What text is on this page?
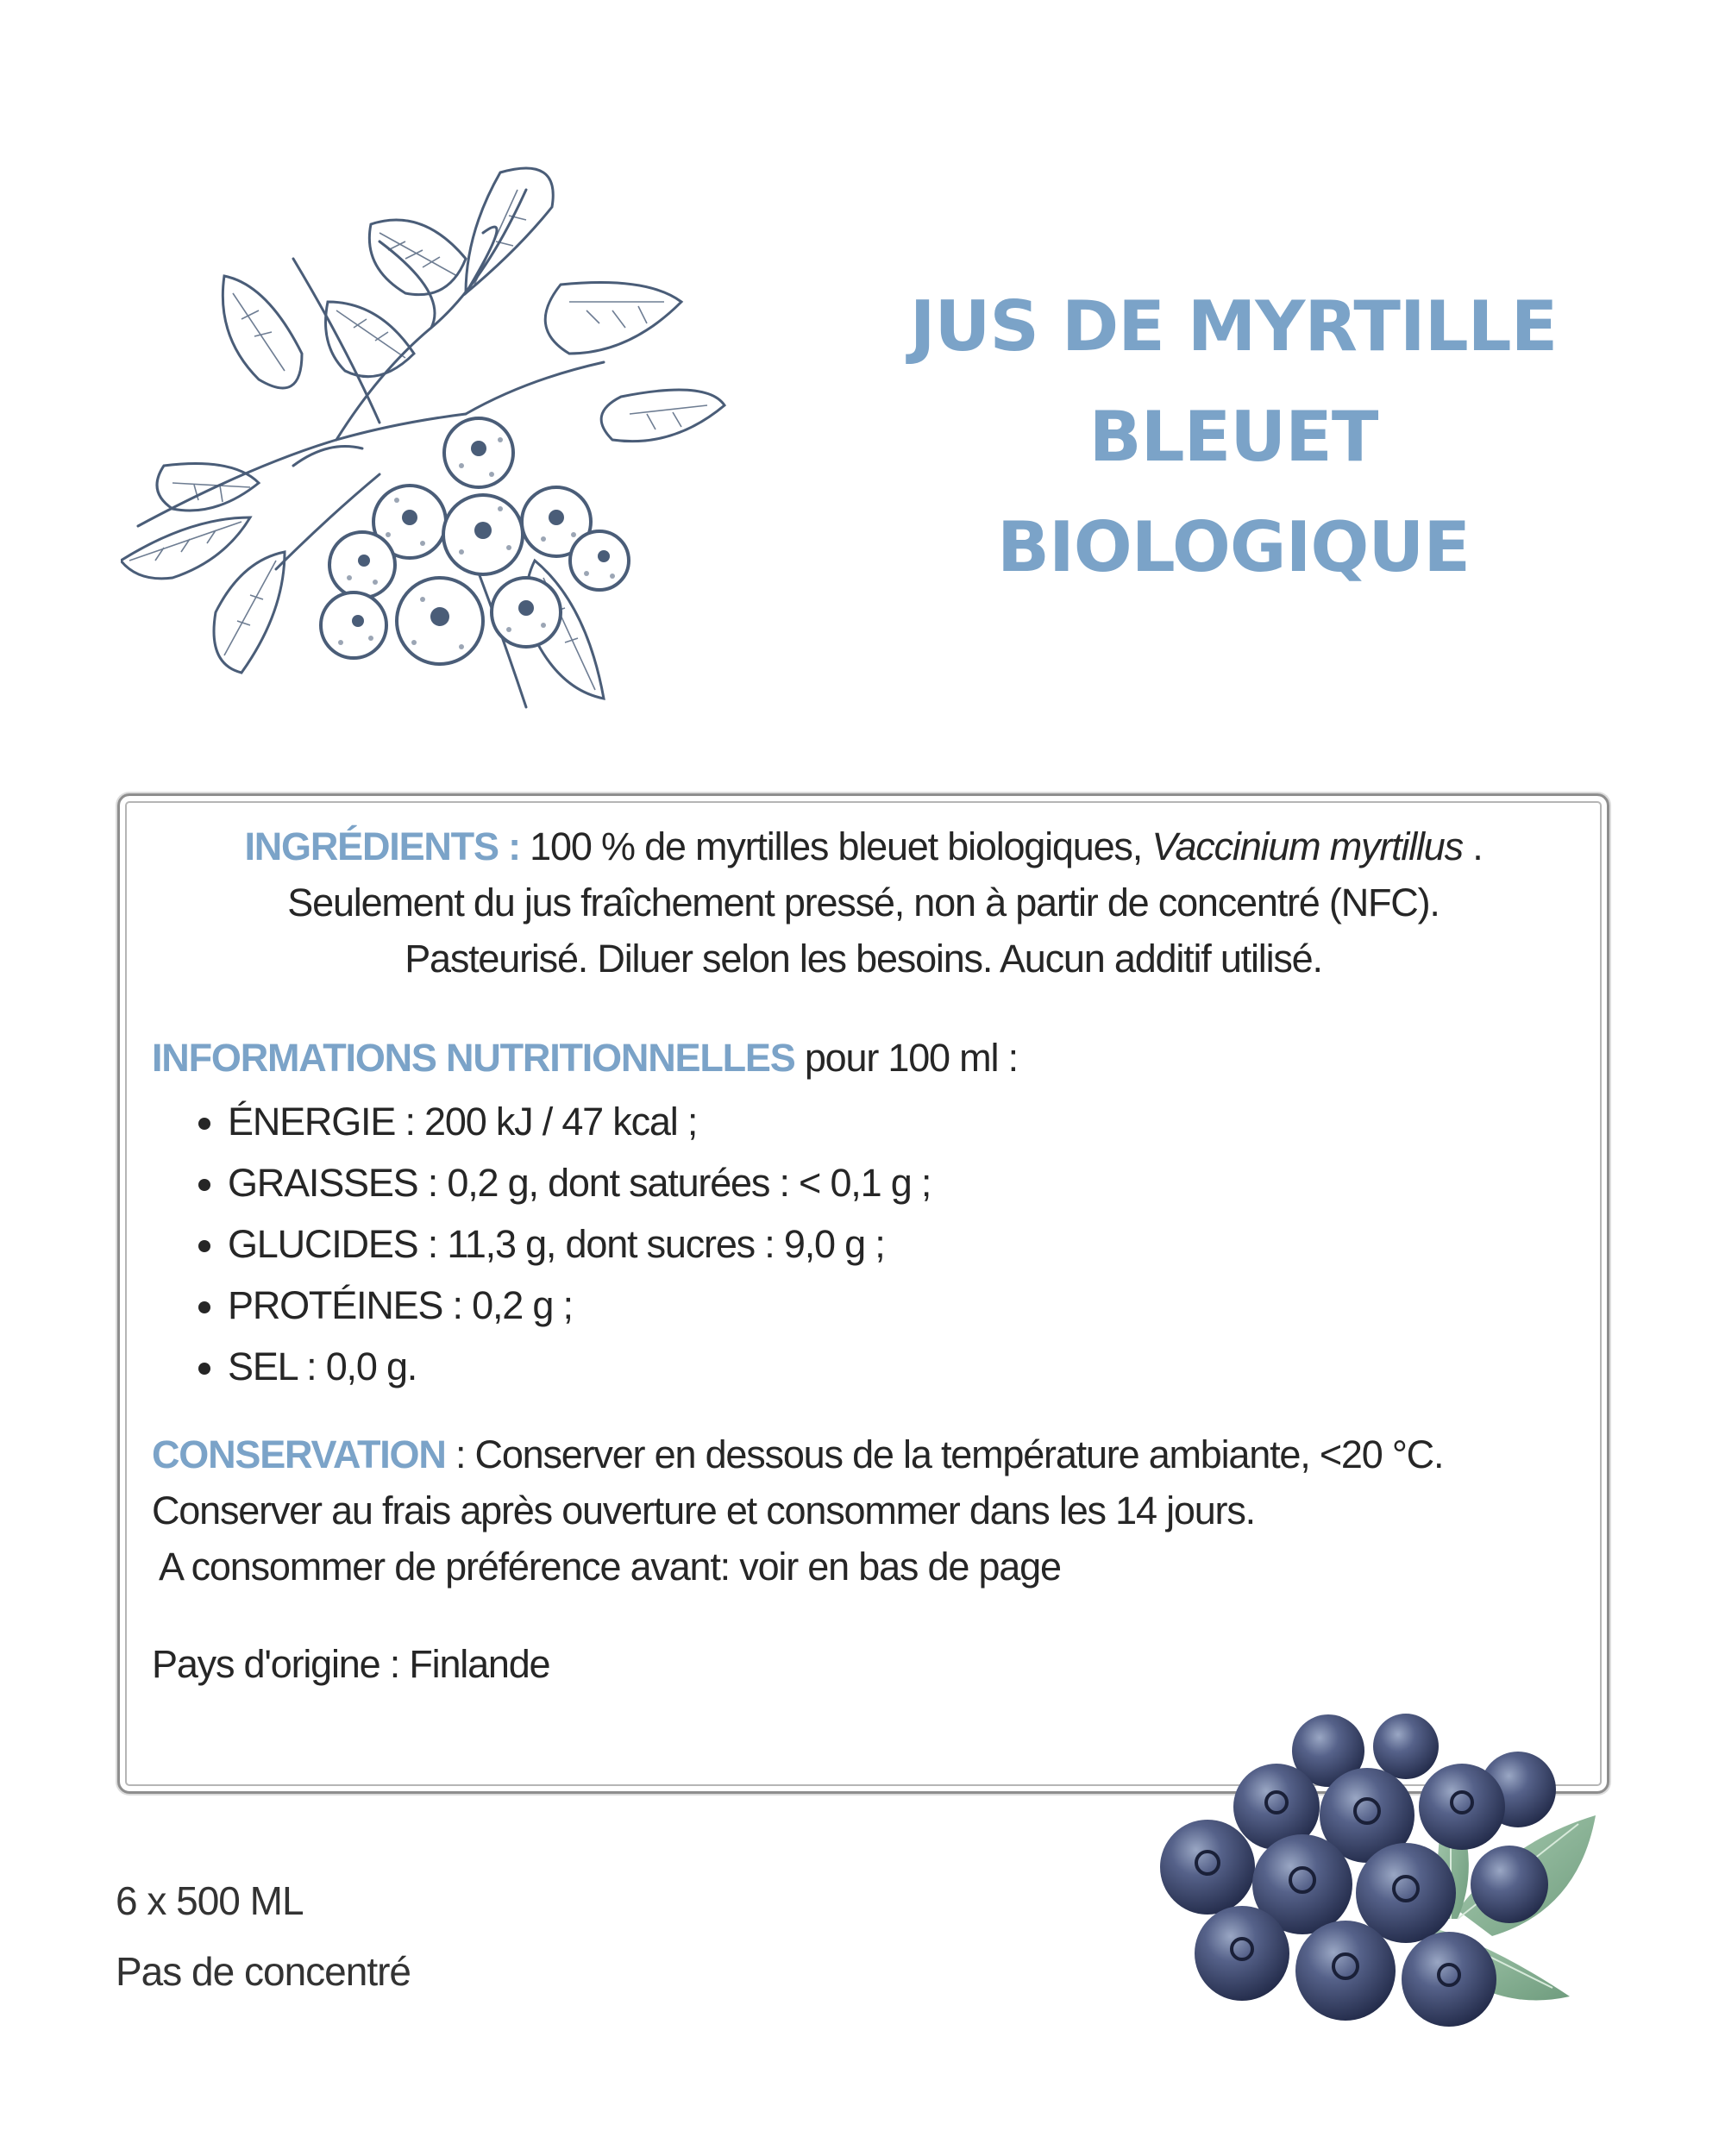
JUS DE MYRTILLE
BLEUET
BIOLOGIQUE
INGRÉDIENTS : 100 % de myrtilles bleuet biologiques, Vaccinium myrtillus .
Seulement du jus fraîchement pressé, non à partir de concentré (NFC).
Pasteurisé. Diluer selon les besoins. Aucun additif utilisé.
INFORMATIONS NUTRITIONNELLES pour 100 ml :
• ÉNERGIE : 200 kJ / 47 kcal ;
• GRAISSES : 0,2 g, dont saturées : < 0,1 g ;
• GLUCIDES : 11,3 g, dont sucres : 9,0 g ;
• PROTÉINES : 0,2 g ;
• SEL : 0,0 g.
CONSERVATION : Conserver en dessous de la température ambiante, <20 °C.
Conserver au frais après ouverture et consommer dans les 14 jours.
A consommer de préférence avant: voir en bas de page
Pays d'origine : Finlande
6 x 500 ML
Pas de concentré
